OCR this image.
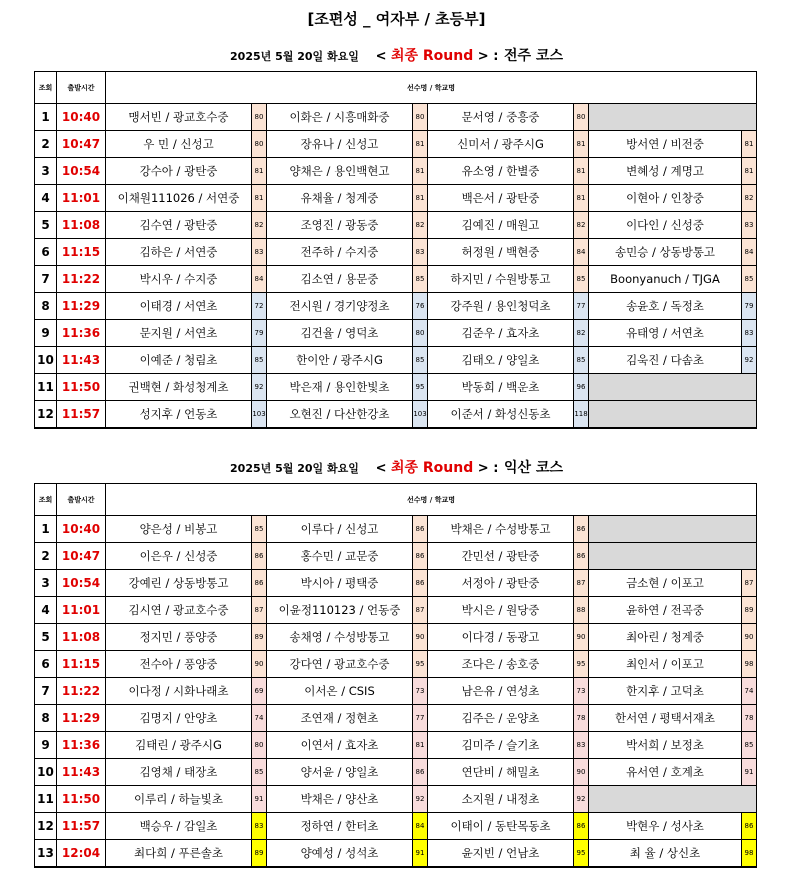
[조편성 _ 여자부 / 초등부]
2025년 5월 20일 화요일 < 최종 Round > : 전주 코스
조회	출발시간	선수명 / 학교명							
1	10:40	맹서빈 / 광교호수중	80	이화은 / 시흥매화중	80	문서영 / 중흥중	80		
2	10:47	우 민 / 신성고	80	장유나 / 신성고	81	신미서 / 광주시G	81	방서연 / 비전중	81
3	10:54	강수아 / 광탄중	81	양채은 / 용인백현고	81	유소영 / 한별중	81	변혜성 / 계명고	81
4	11:01	이채원111026 / 서연중	81	유채율 / 청계중	81	백은서 / 광탄중	81	이현아 / 인창중	82
5	11:08	김수연 / 광탄중	82	조영진 / 광동중	82	김예진 / 매원고	82	이다인 / 신성중	83
6	11:15	김하은 / 서연중	83	전주하 / 수지중	83	허정원 / 백현중	84	송민승 / 상동방통고	84
7	11:22	박시우 / 수지중	84	김소연 / 용문중	85	하지민 / 수원방통고	85	Boonyanuch / TJGA	85
8	11:29	이태경 / 서연초	72	전시원 / 경기양정초	76	강주원 / 용인청덕초	77	송윤호 / 독정초	79
9	11:36	문지원 / 서연초	79	김건율 / 영덕초	80	김준우 / 효자초	82	유태영 / 서연초	83
10	11:43	이예준 / 청림초	85	한이안 / 광주시G	85	김태오 / 양일초	85	김욱진 / 다솜초	92
11	11:50	권백현 / 화성청계초	92	박은재 / 용인한빛초	95	박동희 / 백운초	96		
12	11:57	성지후 / 언동초	103	오현진 / 다산한강초	103	이준서 / 화성신동초	118		
2025년 5월 20일 화요일 < 최종 Round > : 익산 코스
조회	출발시간	선수명 / 학교명							
1	10:40	양은성 / 비봉고	85	이루다 / 신성고	86	박채은 / 수성방통고	86		
2	10:47	이은우 / 신성중	86	홍수민 / 교문중	86	간민선 / 광탄중	86		
3	10:54	강예린 / 상동방통고	86	박시아 / 평택중	86	서정아 / 광탄중	87	금소현 / 이포고	87
4	11:01	김시연 / 광교호수중	87	이윤정110123 / 언동중	87	박시은 / 원당중	88	윤하연 / 전곡중	89
5	11:08	정지민 / 풍양중	89	송채영 / 수성방통고	90	이다경 / 동광고	90	최아린 / 청계중	90
6	11:15	전수아 / 풍양중	90	강다연 / 광교호수중	95	조다은 / 송호중	95	최인서 / 이포고	98
7	11:22	이다정 / 시화나래초	69	이서온 / CSIS	73	남은유 / 연성초	73	한지후 / 고덕초	74
8	11:29	김명지 / 안양초	74	조연재 / 정현초	77	김주은 / 운양초	78	한서연 / 평택서재초	78
9	11:36	김태린 / 광주시G	80	이연서 / 효자초	81	김미주 / 슬기초	83	박서희 / 보정초	85
10	11:43	김영채 / 태장초	85	양서윤 / 양일초	86	연단비 / 해밀초	90	유서연 / 호계초	91
11	11:50	이루리 / 하늘빛초	91	박채은 / 양산초	92	소지원 / 내정초	92		
12	11:57	백승우 / 감일초	83	정하연 / 한터초	84	이태이 / 동탄목동초	86	박현우 / 성사초	86
13	12:04	최다희 / 푸른솔초	89	양예성 / 성석초	91	윤지빈 / 언남초	95	최 율 / 상신초	98
